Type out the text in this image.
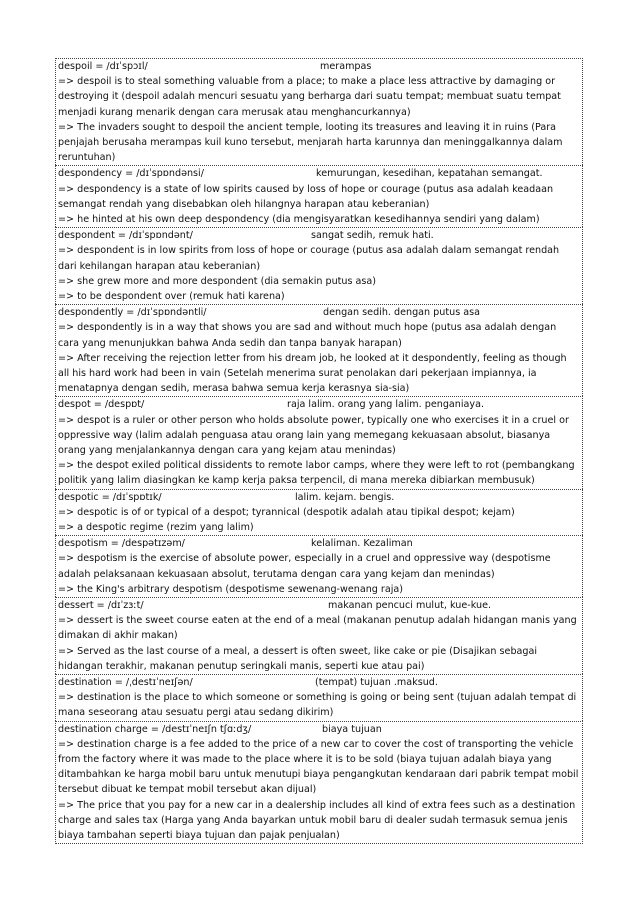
despoil = /dɪˈspɔɪl/	merampas

=> despoil is to steal something valuable from a place; to make a place less attractive by damaging or destroying it (despoil adalah mencuri sesuatu yang berharga dari suatu tempat; membuat suatu tempat menjadi kurang menarik dengan cara merusak atau menghancurkannya)

=> The invaders sought to despoil the ancient temple, looting its treasures and leaving it in ruins (Para penjajah berusaha merampas kuil kuno tersebut, menjarah harta karunnya dan meninggalkannya dalam reruntuhan)

despondency = /dɪˈspɒndənsi/	kemurungan, kesedihan, kepatahan semangat.

=> despondency is a state of low spirits caused by loss of hope or courage (putus asa adalah keadaan semangat rendah yang disebabkan oleh hilangnya harapan atau keberanian)

=> he hinted at his own deep despondency (dia mengisyaratkan kesedihannya sendiri yang dalam)

despondent = /dɪˈspɒndənt/	sangat sedih, remuk hati.

=> despondent is in low spirits from loss of hope or courage (putus asa adalah dalam semangat rendah dari kehilangan harapan atau keberanian)

=> she grew more and more despondent (dia semakin putus asa)

=> to be despondent over (remuk hati karena)

despondently = /dɪˈspɒndəntli/	dengan sedih. dengan putus asa

=> despondently is in a way that shows you are sad and without much hope (putus asa adalah dengan cara yang menunjukkan bahwa Anda sedih dan tanpa banyak harapan)

=> After receiving the rejection letter from his dream job, he looked at it despondently, feeling as though all his hard work had been in vain (Setelah menerima surat penolakan dari pekerjaan impiannya, ia menatapnya dengan sedih, merasa bahwa semua kerja kerasnya sia-sia)

despot = /despɒt/	raja lalim. orang yang lalim. penganiaya.

=> despot is a ruler or other person who holds absolute power, typically one who exercises it in a cruel or oppressive way (lalim adalah penguasa atau orang lain yang memegang kekuasaan absolut, biasanya orang yang menjalankannya dengan cara yang kejam atau menindas)

=> the despot exiled political dissidents to remote labor camps, where they were left to rot (pembangkang politik yang lalim diasingkan ke kamp kerja paksa terpencil, di mana mereka dibiarkan membusuk)

despotic = /dɪˈspɒtɪk/	lalim. kejam. bengis.

=> despotic is of or typical of a despot; tyrannical (despotik adalah atau tipikal despot; kejam)

=> a despotic regime (rezim yang lalim)

despotism = /despətɪzəm/	kelaliman. Kezaliman

=> despotism is the exercise of absolute power, especially in a cruel and oppressive way (despotisme adalah pelaksanaan kekuasaan absolut, terutama dengan cara yang kejam dan menindas)

=> the King's arbitrary despotism (despotisme sewenang-wenang raja)

dessert = /dɪˈzɜːt/	makanan pencuci mulut, kue-kue.

=> dessert is the sweet course eaten at the end of a meal (makanan penutup adalah hidangan manis yang dimakan di akhir makan)

=> Served as the last course of a meal, a dessert is often sweet, like cake or pie (Disajikan sebagai hidangan terakhir, makanan penutup seringkali manis, seperti kue atau pai)

destination = /ˌdestɪˈneɪʃən/	(tempat) tujuan .maksud.

=> destination is the place to which someone or something is going or being sent (tujuan adalah tempat di mana seseorang atau sesuatu pergi atau sedang dikirim)

destination charge = /destɪˈneɪʃn tʃɑːdʒ/	biaya tujuan

=> destination charge is a fee added to the price of a new car to cover the cost of transporting the vehicle from the factory where it was made to the place where it is to be sold (biaya tujuan adalah biaya yang ditambahkan ke harga mobil baru untuk menutupi biaya pengangkutan kendaraan dari pabrik tempat mobil tersebut dibuat ke tempat mobil tersebut akan dijual)

=> The price that you pay for a new car in a dealership includes all kind of extra fees such as a destination charge and sales tax (Harga yang Anda bayarkan untuk mobil baru di dealer sudah termasuk semua jenis biaya tambahan seperti biaya tujuan dan pajak penjualan)
